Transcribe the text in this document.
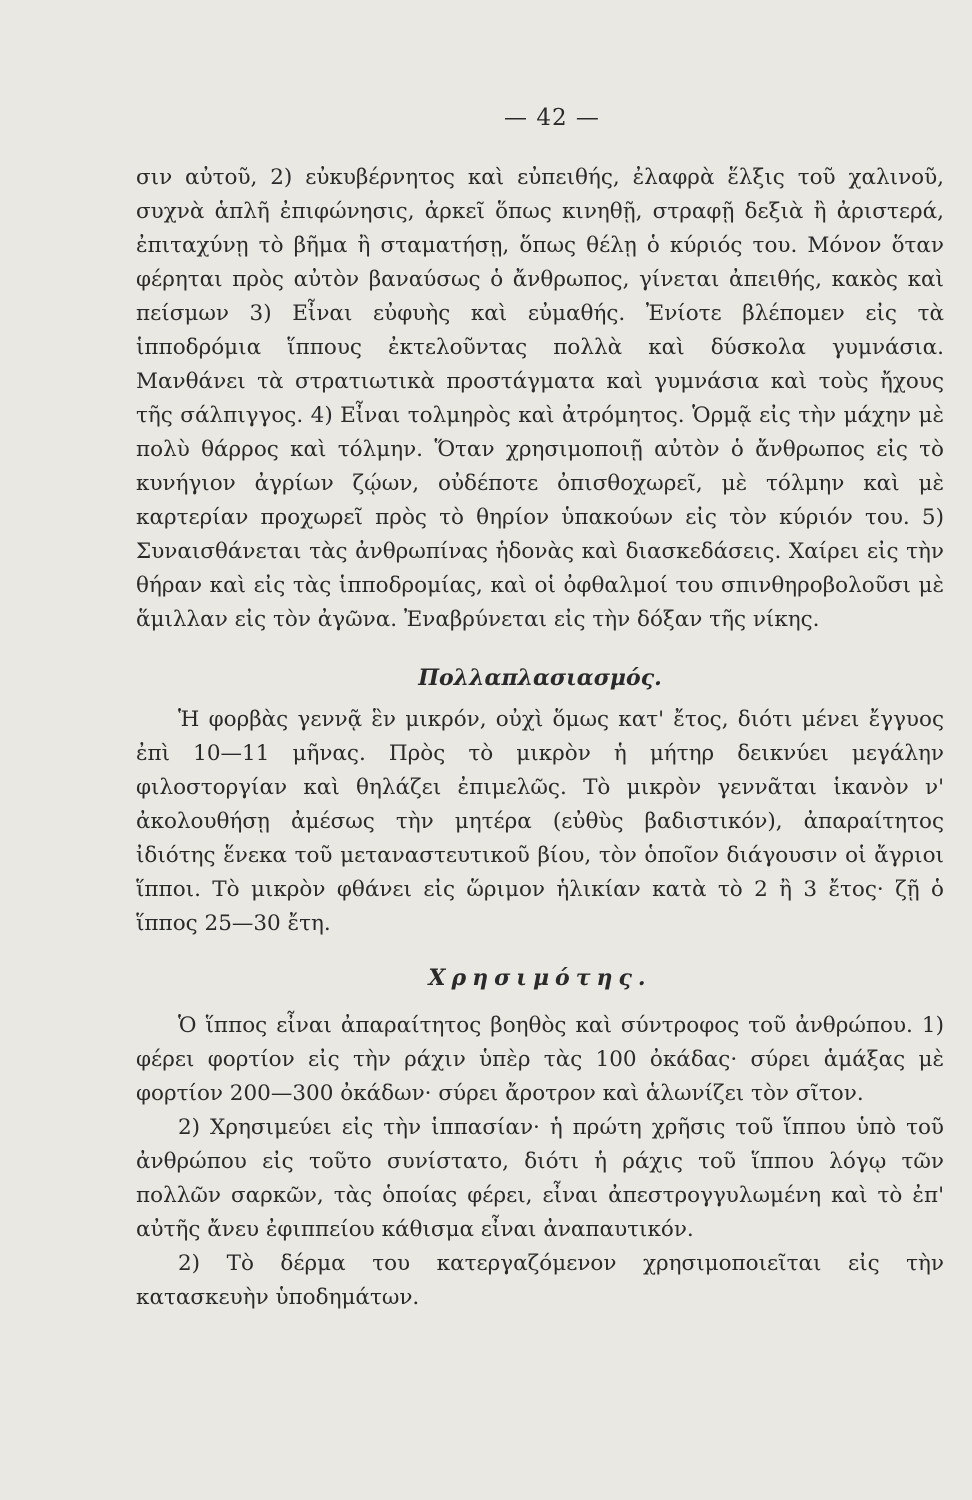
— 42 —

σιν αὐτοῦ, 2) εὐκυβέρνητος καὶ εὐπειθής, ἐλαφρὰ ἕλξις τοῦ χαλινοῦ, συχνὰ ἁπλῆ ἐπιφώνησις, ἀρκεῖ ὅπως κινηθῇ, στραφῇ δεξιὰ ἢ ἀριστερά, ἐπιταχύνῃ τὸ βῆμα ἢ σταματήσῃ, ὅπως θέλῃ ὁ κύριός του. Μόνον ὅταν φέρηται πρὸς αὐτὸν βαναύσως ὁ ἄνθρωπος, γίνεται ἀπειθής, κακὸς καὶ πείσμων 3) Εἶναι εὐφυὴς καὶ εὐμαθής. Ἐνίοτε βλέπομεν εἰς τὰ ἱπποδρόμια ἵππους ἐκτελοῦντας πολλὰ καὶ δύσκολα γυμνάσια. Μανθάνει τὰ στρατιωτικὰ προστάγματα καὶ γυμνάσια καὶ τοὺς ἤχους τῆς σάλπιγγος. 4) Εἶναι τολμηρὸς καὶ ἀτρόμητος. Ὁρμᾷ εἰς τὴν μάχην μὲ πολὺ θάρρος καὶ τόλμην. Ὅταν χρησιμοποιῇ αὐτὸν ὁ ἄνθρωπος εἰς τὸ κυνήγιον ἀγρίων ζῴων, οὐδέποτε ὀπισθοχωρεῖ, μὲ τόλμην καὶ μὲ καρτερίαν προχωρεῖ πρὸς τὸ θηρίον ὑπακούων εἰς τὸν κύριόν του. 5) Συναισθάνεται τὰς ἀνθρωπίνας ἡδονὰς καὶ διασκεδάσεις. Χαίρει εἰς τὴν θήραν καὶ εἰς τὰς ἱπποδρομίας, καὶ οἱ ὀφθαλμοί του σπινθηροβολοῦσι μὲ ἅμιλλαν εἰς τὸν ἀγῶνα. Ἐναβρύνεται εἰς τὴν δόξαν τῆς νίκης.

Πολλαπλασιασμός.

Ἡ φορβὰς γεννᾷ ἓν μικρόν, οὐχὶ ὅμως κατ' ἔτος, διότι μένει ἔγγυος ἐπὶ 10—11 μῆνας. Πρὸς τὸ μικρὸν ἡ μήτηρ δεικνύει μεγάλην φιλοστοργίαν καὶ θηλάζει ἐπιμελῶς. Τὸ μικρὸν γεννᾶται ἱκανὸν ν' ἀκολουθήσῃ ἀμέσως τὴν μητέρα (εὐθὺς βαδιστικόν), ἀπαραίτητος ἰδιότης ἕνεκα τοῦ μεταναστευτικοῦ βίου, τὸν ὁποῖον διάγουσιν οἱ ἄγριοι ἵπποι. Τὸ μικρὸν φθάνει εἰς ὥριμον ἡλικίαν κατὰ τὸ 2 ἢ 3 ἔτος· ζῇ ὁ ἵππος 25—30 ἔτη.

Χρησιμότης.

Ὁ ἵππος εἶναι ἀπαραίτητος βοηθὸς καὶ σύντροφος τοῦ ἀνθρώπου. 1) φέρει φορτίον εἰς τὴν ράχιν ὑπὲρ τὰς 100 ὀκάδας· σύρει ἁμάξας μὲ φορτίον 200—300 ὀκάδων· σύρει ἄροτρον καὶ ἁλωνίζει τὸν σῖτον.

2) Χρησιμεύει εἰς τὴν ἱππασίαν· ἡ πρώτη χρῆσις τοῦ ἵππου ὑπὸ τοῦ ἀνθρώπου εἰς τοῦτο συνίστατο, διότι ἡ ράχις τοῦ ἵππου λόγῳ τῶν πολλῶν σαρκῶν, τὰς ὁποίας φέρει, εἶναι ἀπεστρογγυλωμένη καὶ τὸ ἐπ' αὐτῆς ἄνευ ἐφιππείου κάθισμα εἶναι ἀναπαυτικόν.

2) Τὸ δέρμα του κατεργαζόμενον χρησιμοποιεῖται εἰς τὴν κατασκευὴν ὑποδημάτων.
